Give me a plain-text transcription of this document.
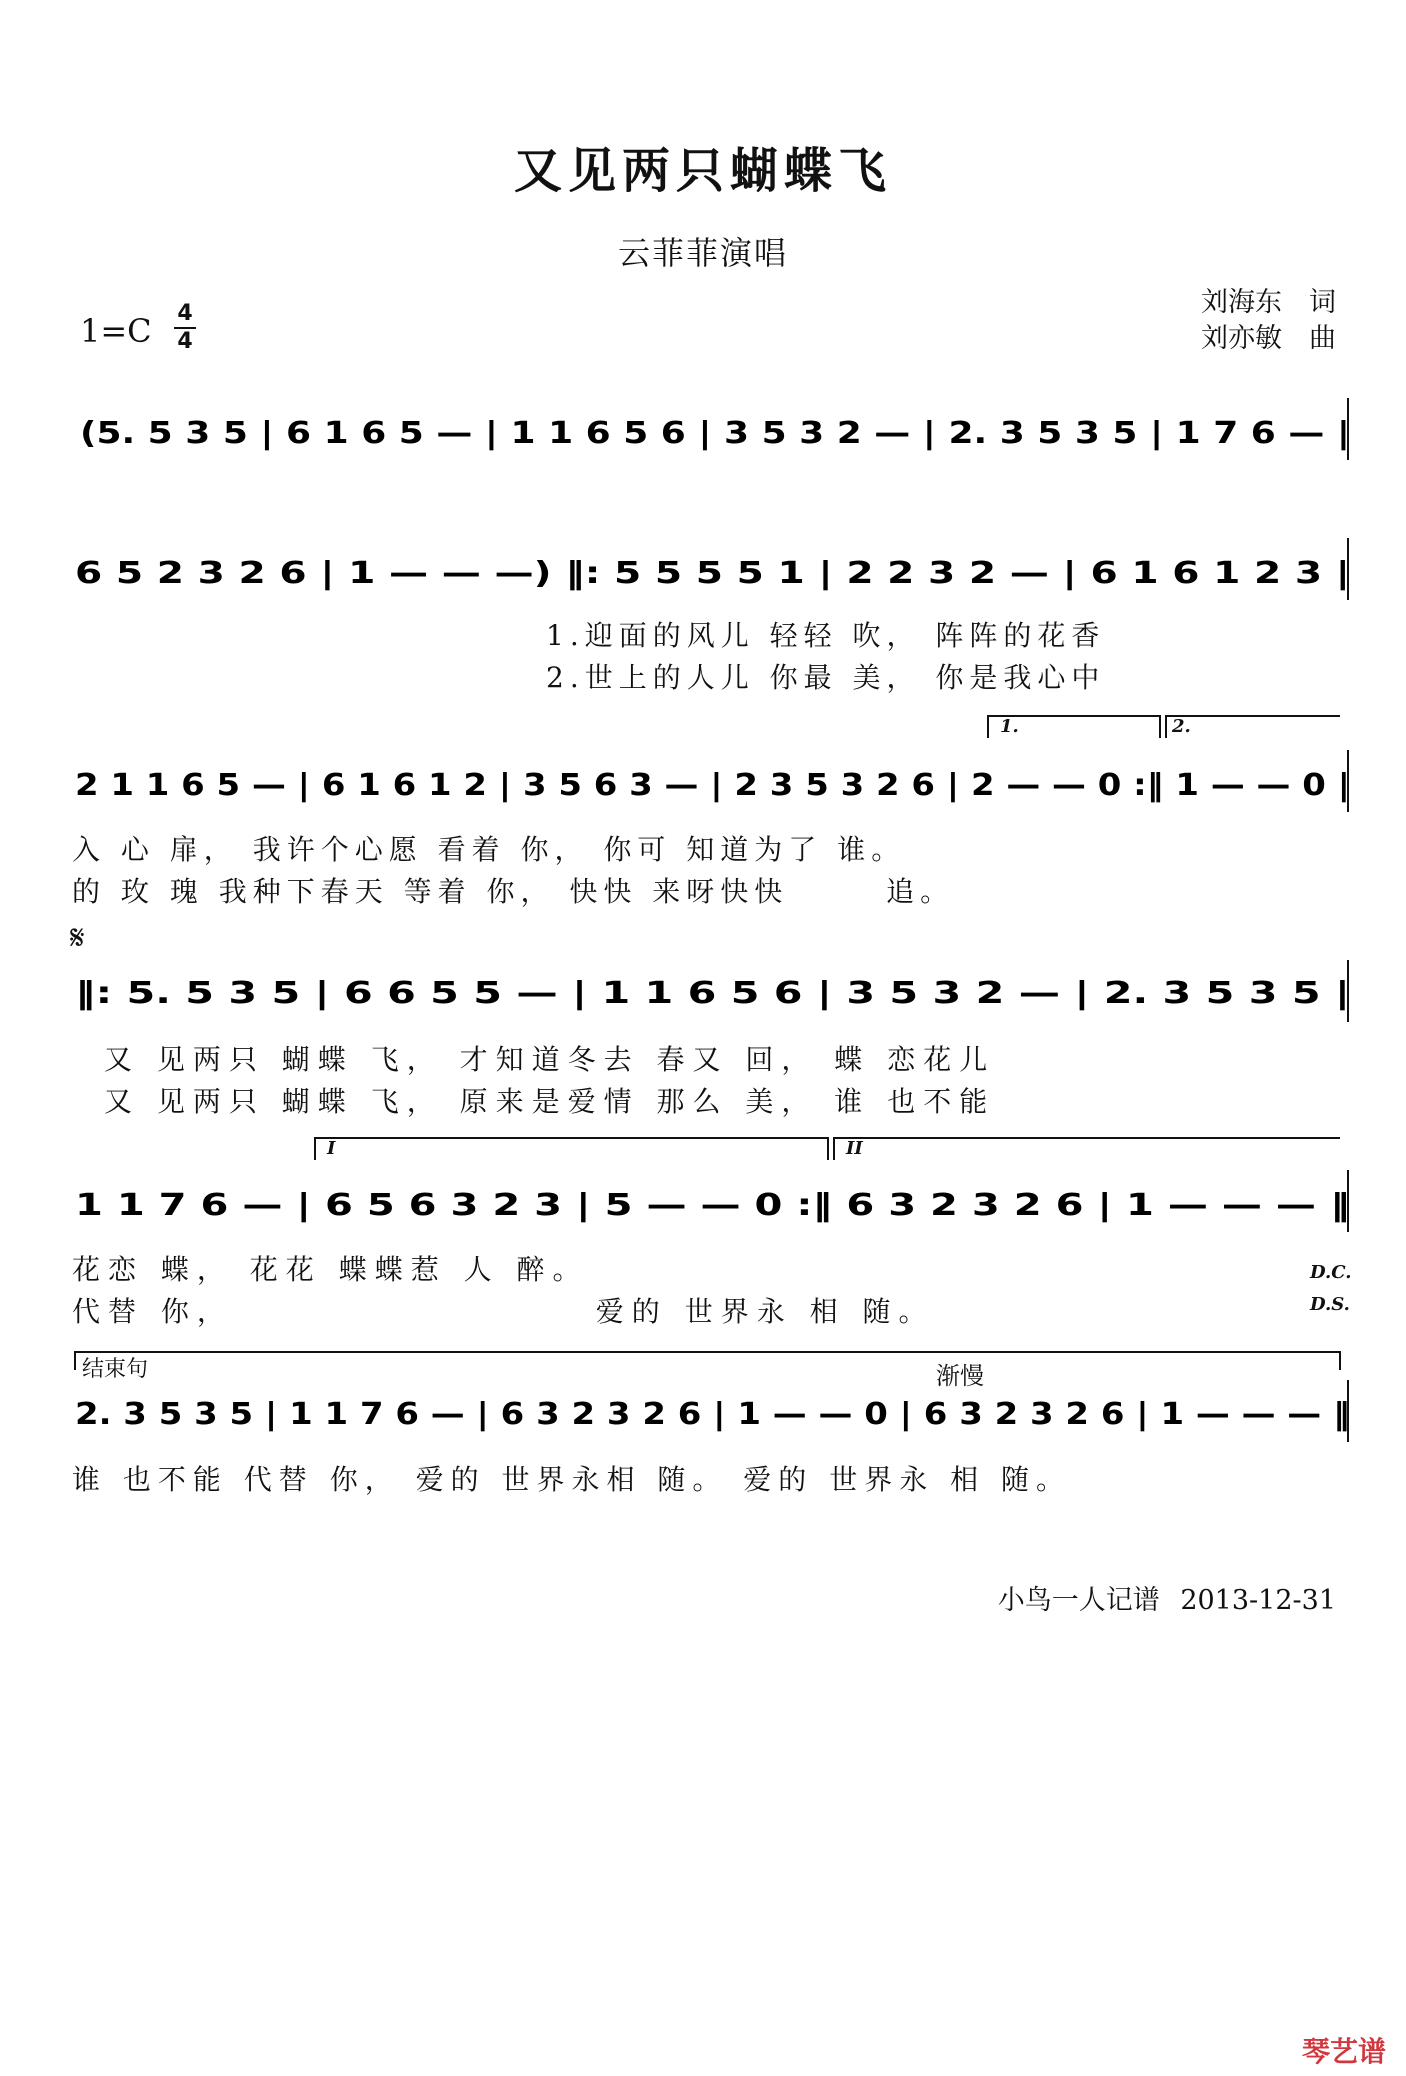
又见两只蝴蝶飞
云菲菲演唱
刘海东　词
刘亦敏　曲
1=C 4
4
(5. 5 3 5 | 6 1 6 5 — | 1 1 6 5 6 | 3 5 3 2 — | 2. 3 5 3 5 | 1 7 6 — |
6 5 2 3 2 6 | 1 — — —) ‖: 5 5 5 5 1 | 2 2 3 2 — | 6 1 6 1 2 3 |
2 1 1 6 5 — | 6 1 6 1 2 | 3 5 6 3 — | 2 3 5 3 2 6 | 2 — — 0 :‖ 1 — — 0 |
‖: 5. 5 3 5 | 6 6 5 5 — | 1 1 6 5 6 | 3 5 3 2 — | 2. 3 5 3 5 |
1 1 7 6 — | 6 5 6 3 2 3 | 5 — — 0 :‖ 6 3 2 3 2 6 | 1 — — — ‖
2. 3 5 3 5 | 1 1 7 6 — | 6 3 2 3 2 6 | 1 — — 0 | 6 3 2 3 2 6 | 1 — — — ‖
1.	2.
I	II
𝄋
D.C.
D.S.
结束句	渐慢
1.迎面的风儿 轻轻 吹， 阵阵的花香
2.世上的人儿 你最 美， 你是我心中
入 心 扉， 我许个心愿 看着 你， 你可 知道为了 谁。
的 玫 瑰 我种下春天 等着 你， 快快 来呀快快 　　 追。
又 见两只 蝴蝶 飞， 才知道冬去 春又 回， 蝶 恋花儿
又 见两只 蝴蝶 飞， 原来是爱情 那么 美， 谁 也不能
花恋 蝶， 花花 蝶蝶惹 人 醉。
代替 你，　　　　　　　　　　 爱的 世界永 相 随。
谁 也不能 代替 你， 爱的 世界永相 随。 爱的 世界永 相 随。
小鸟一人记谱 2013-12-31
琴艺谱
